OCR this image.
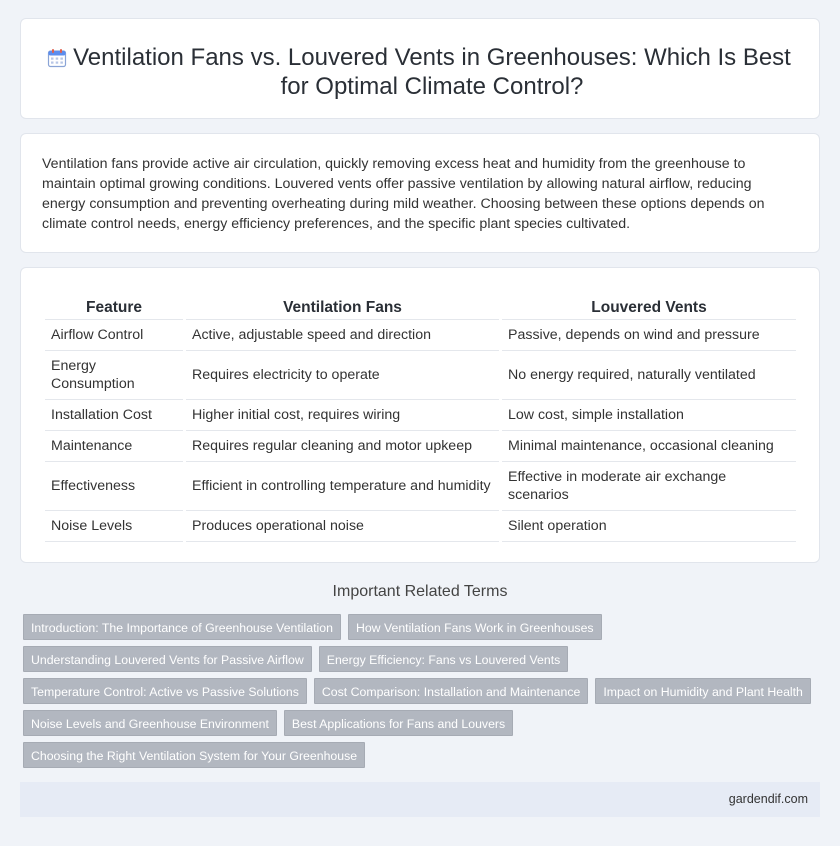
Ventilation Fans vs. Louvered Vents in Greenhouses: Which Is Best for Optimal Climate Control?

Ventilation fans provide active air circulation, quickly removing excess heat and humidity from the greenhouse to maintain optimal growing conditions. Louvered vents offer passive ventilation by allowing natural airflow, reducing energy consumption and preventing overheating during mild weather. Choosing between these options depends on climate control needs, energy efficiency preferences, and the specific plant species cultivated.

Feature	Ventilation Fans	Louvered Vents
Airflow Control	Active, adjustable speed and direction	Passive, depends on wind and pressure
Energy Consumption	Requires electricity to operate	No energy required, naturally ventilated
Installation Cost	Higher initial cost, requires wiring	Low cost, simple installation
Maintenance	Requires regular cleaning and motor upkeep	Minimal maintenance, occasional cleaning
Effectiveness	Efficient in controlling temperature and humidity	Effective in moderate air exchange scenarios
Noise Levels	Produces operational noise	Silent operation
Important Related Terms
Introduction: The Importance of Greenhouse Ventilation How Ventilation Fans Work in Greenhouses
Understanding Louvered Vents for Passive Airflow Energy Efficiency: Fans vs Louvered Vents
Temperature Control: Active vs Passive Solutions Cost Comparison: Installation and Maintenance Impact on Humidity and Plant Health
Noise Levels and Greenhouse Environment Best Applications for Fans and Louvers
Choosing the Right Ventilation System for Your Greenhouse
gardendif.com
